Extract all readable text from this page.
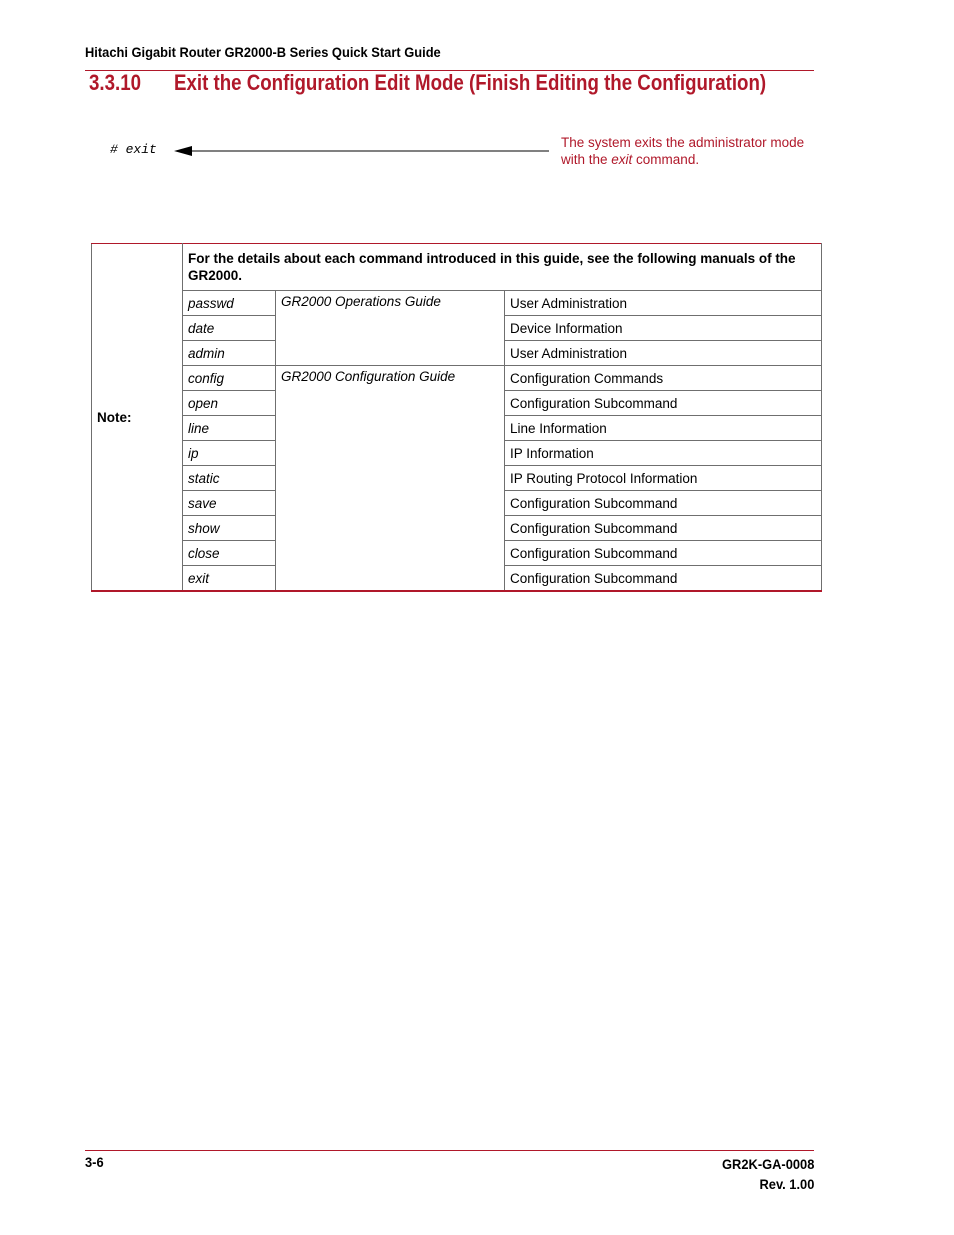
Hitachi Gigabit Router GR2000-B Series Quick Start Guide
3.3.10 Exit the Configuration Edit Mode (Finish Editing the Configuration)
# exit	The system exits the administrator mode with the exit command.
Note:	For the details about each command introduced in this guide, see the following manuals of the GR2000.		
	passwd	GR2000 Operations Guide	User Administration
	date		Device Information
	admin		User Administration
	config	GR2000 Configuration Guide	Configuration Commands
	open		Configuration Subcommand
	line		Line Information
	ip		IP Information
	static		IP Routing Protocol Information
	save		Configuration Subcommand
	show		Configuration Subcommand
	close		Configuration Subcommand
	exit		Configuration Subcommand
3-6	GR2K-GA-0008
Rev. 1.00
